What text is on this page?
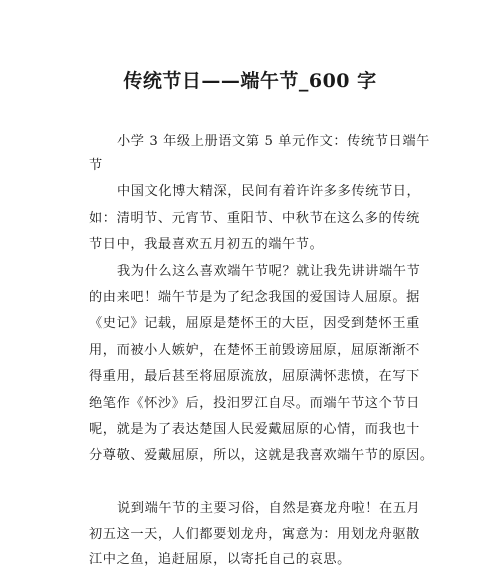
传统节日——端午节_600 字
小学 3 年级上册语文第 5 单元作文：传统节日端午
节
中国文化博大精深，民间有着许许多多传统节日，
如：清明节、元宵节、重阳节、中秋节在这么多的传统
节日中，我最喜欢五月初五的端午节。
我为什么这么喜欢端午节呢？就让我先讲讲端午节
的由来吧！端午节是为了纪念我国的爱国诗人屈原。据
《史记》记载，屈原是楚怀王的大臣，因受到楚怀王重
用，而被小人嫉妒，在楚怀王前毁谤屈原，屈原渐渐不
得重用，最后甚至将屈原流放，屈原满怀悲愤，在写下
绝笔作《怀沙》后，投汨罗江自尽。而端午节这个节日
呢，就是为了表达楚国人民爱戴屈原的心情，而我也十
分尊敬、爱戴屈原，所以，这就是我喜欢端午节的原因。
说到端午节的主要习俗，自然是赛龙舟啦！在五月
初五这一天，人们都要划龙舟，寓意为：用划龙舟驱散
江中之鱼，追赶屈原，以寄托自己的哀思。
